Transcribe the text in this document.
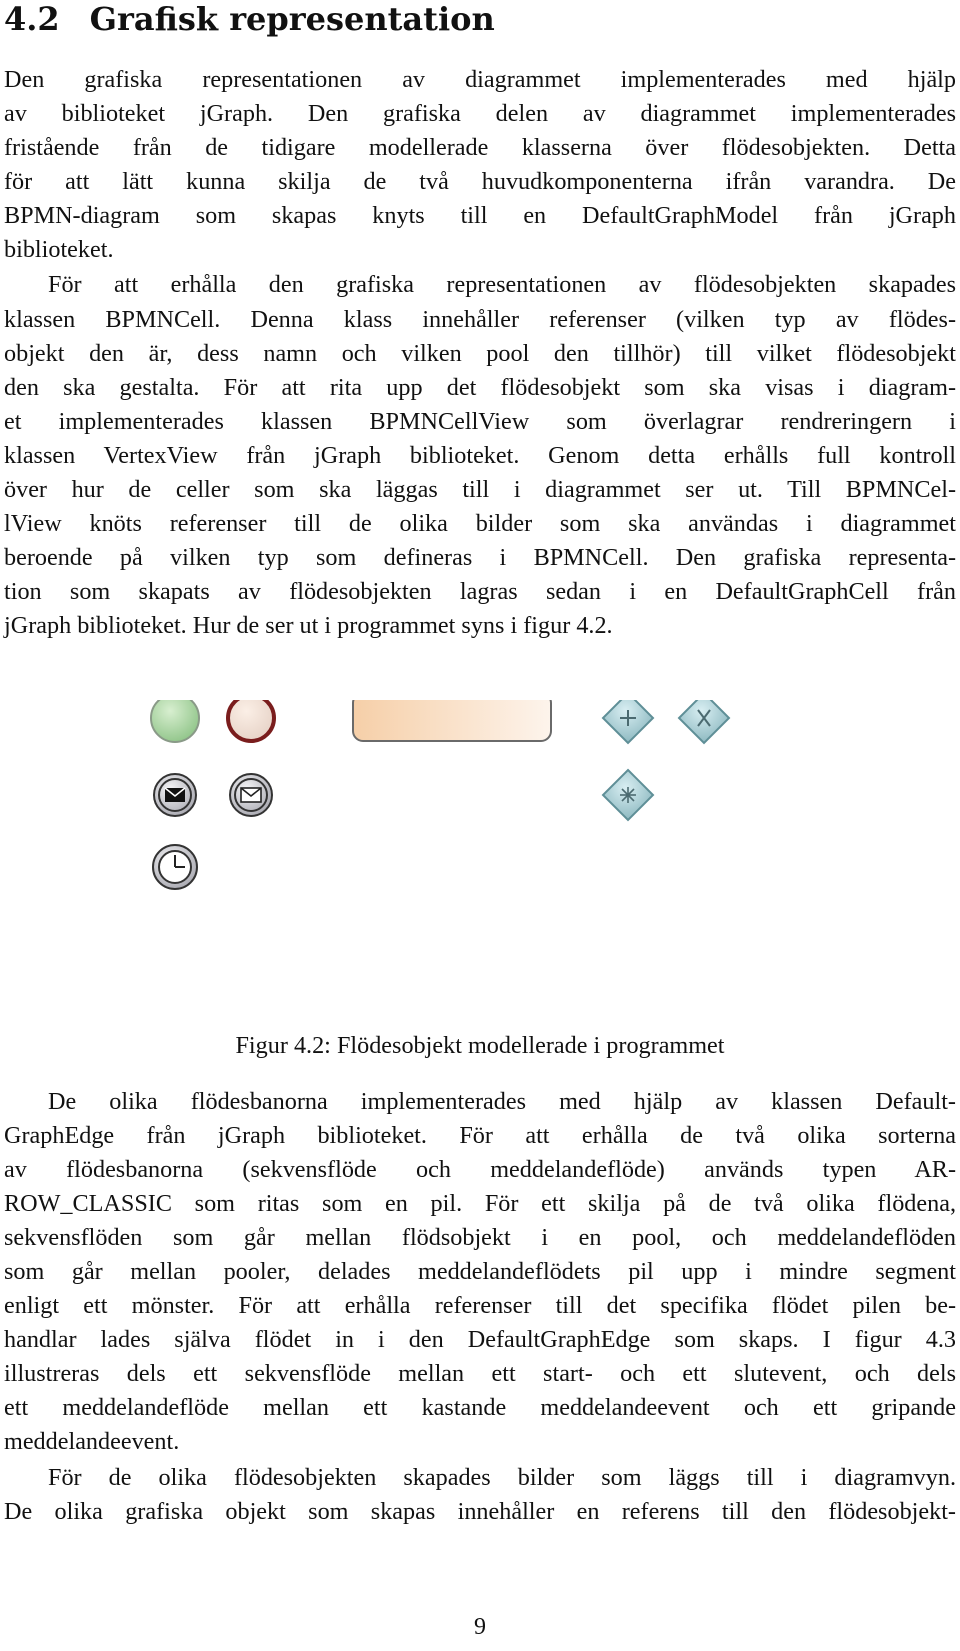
4.2 Grafisk representation

Den grafiska representationen av diagrammet implementerades med hjälp

av biblioteket jGraph. Den grafiska delen av diagrammet implementerades

fristående från de tidigare modellerade klasserna över flödesobjekten. Detta

för att lätt kunna skilja de två huvudkomponenterna ifrån varandra. De

BPMN-diagram som skapas knyts till en DefaultGraphModel från jGraph

biblioteket.

För att erhålla den grafiska representationen av flödesobjekten skapades

klassen BPMNCell. Denna klass innehåller referenser (vilken typ av flödes-

objekt den är, dess namn och vilken pool den tillhör) till vilket flödesobjekt

den ska gestalta. För att rita upp det flödesobjekt som ska visas i diagram-

et implementerades klassen BPMNCellView som överlagrar rendreringern i

klassen VertexView från jGraph biblioteket. Genom detta erhålls full kontroll

över hur de celler som ska läggas till i diagrammet ser ut. Till BPMNCel-

lView knöts referenser till de olika bilder som ska användas i diagrammet

beroende på vilken typ som defineras i BPMNCell. Den grafiska representa-

tion som skapats av flödesobjekten lagras sedan i en DefaultGraphCell från

jGraph biblioteket. Hur de ser ut i programmet syns i figur 4.2.

Figur 4.2: Flödesobjekt modellerade i programmet

De olika flödesbanorna implementerades med hjälp av klassen Default-

GraphEdge från jGraph biblioteket. För att erhålla de två olika sorterna

av flödesbanorna (sekvensflöde och meddelandeflöde) används typen AR-

ROW_CLASSIC som ritas som en pil. För ett skilja på de två olika flödena,

sekvensflöden som går mellan flödsobjekt i en pool, och meddelandeflöden

som går mellan pooler, delades meddelandeflödets pil upp i mindre segment

enligt ett mönster. För att erhålla referenser till det specifika flödet pilen be-

handlar lades själva flödet in i den DefaultGraphEdge som skaps. I figur 4.3

illustreras dels ett sekvensflöde mellan ett start- och ett slutevent, och dels

ett meddelandeflöde mellan ett kastande meddelandeevent och ett gripande

meddelandeevent.

För de olika flödesobjekten skapades bilder som läggs till i diagramvyn.

De olika grafiska objekt som skapas innehåller en referens till den flödesobjekt-

9
